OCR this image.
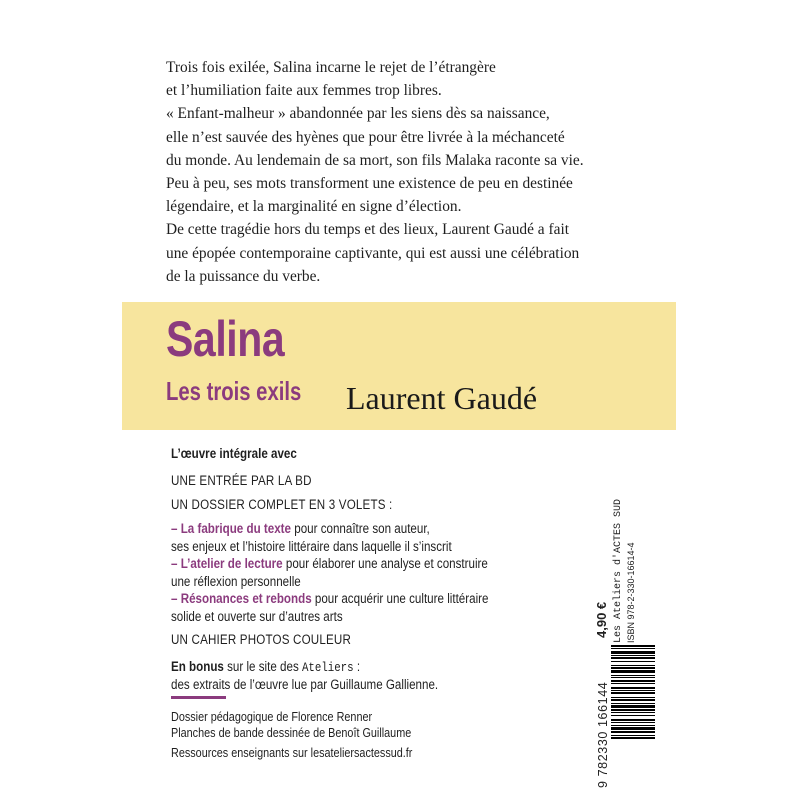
Trois fois exilée, Salina incarne le rejet de l’étrangère

et l’humiliation faite aux femmes trop libres.

« Enfant-malheur » abandonnée par les siens dès sa naissance,

elle n’est sauvée des hyènes que pour être livrée à la méchanceté

du monde. Au lendemain de sa mort, son fils Malaka raconte sa vie.

Peu à peu, ses mots transforment une existence de peu en destinée

légendaire, et la marginalité en signe d’élection.

De cette tragédie hors du temps et des lieux, Laurent Gaudé a fait

une épopée contemporaine captivante, qui est aussi une célébration

de la puissance du verbe.

Salina
Les trois exils Laurent Gaudé
L’œuvre intégrale avec
UNE ENTRÉE PAR LA BD
UN DOSSIER COMPLET EN 3 VOLETS :
– La fabrique du texte pour connaître son auteur,
ses enjeux et l’histoire littéraire dans laquelle il s’inscrit
– L’atelier de lecture pour élaborer une analyse et construire
une réflexion personnelle
– Résonances et rebonds pour acquérir une culture littéraire
solide et ouverte sur d’autres arts
UN CAHIER PHOTOS COULEUR
En bonus sur le site des Ateliers :
des extraits de l’œuvre lue par Guillaume Gallienne.
Dossier pédagogique de Florence Renner
Planches de bande dessinée de Benoît Guillaume
Ressources enseignants sur lesateliersactessud.fr
4,90 € Les Ateliers d'ACTES SUD ISBN 978-2-330-16614-4
9 782330 166144
